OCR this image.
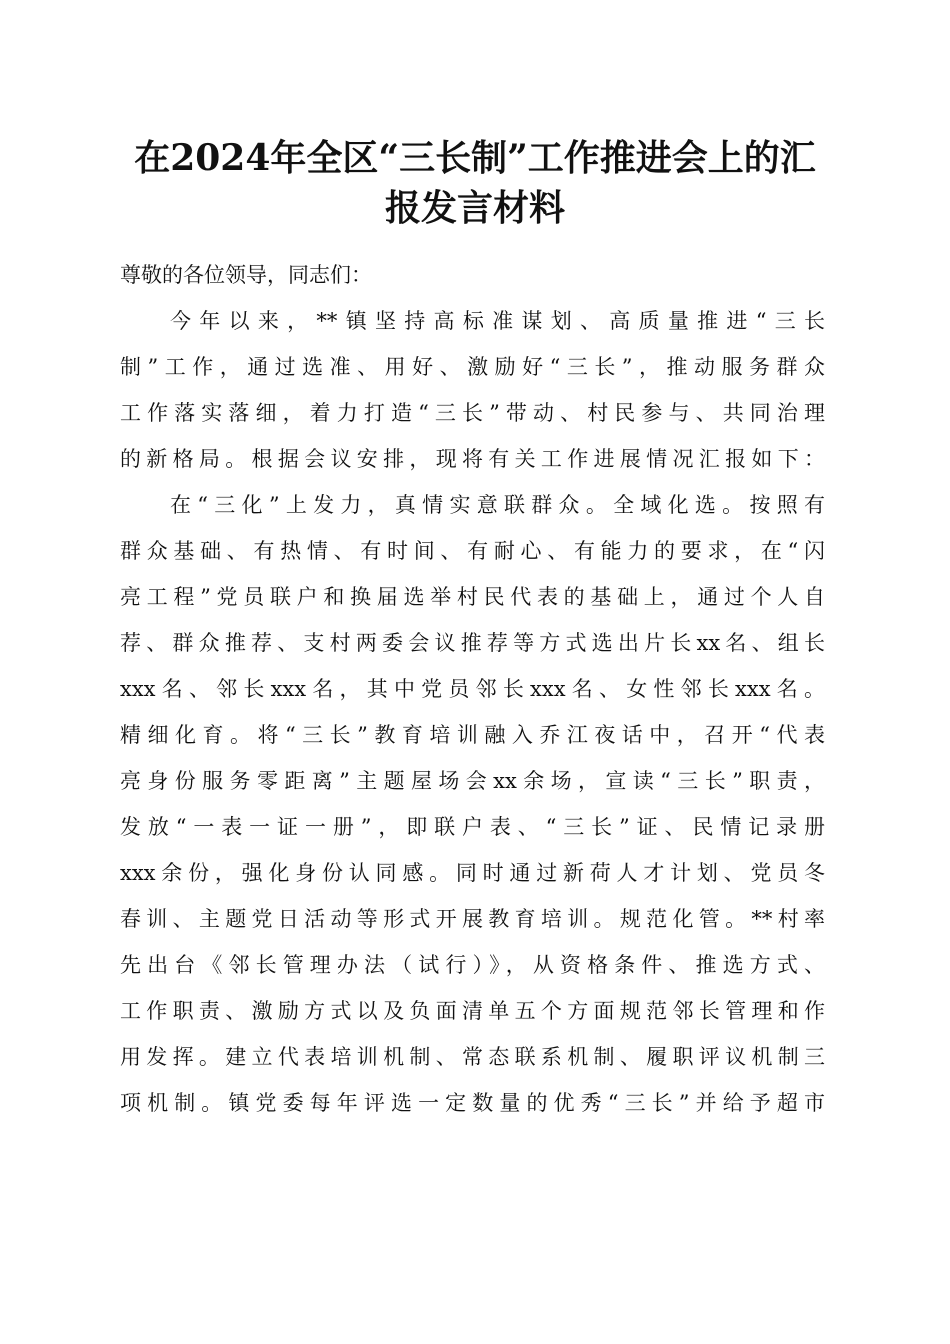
在2024年全区“三长制”工作推进会上的汇
报发言材料
尊敬的各位领导，同志们：
今年以来，**镇坚持高标准谋划、高质量推进“三长
制”工作，通过选准、用好、激励好“三长”，推动服务群众
工作落实落细，着力打造“三长”带动、村民参与、共同治理
的新格局。根据会议安排，现将有关工作进展情况汇报如下：
在“三化”上发力，真情实意联群众。全域化选。按照有
群众基础、有热情、有时间、有耐心、有能力的要求，在“闪
亮工程”党员联户和换届选举村民代表的基础上，通过个人自
荐、群众推荐、支村两委会议推荐等方式选出片长xx名、组长
xxx名、邻长xxx名，其中党员邻长xxx名、女性邻长xxx名。
精细化育。将“三长”教育培训融入乔江夜话中，召开“代表
亮身份服务零距离”主题屋场会xx余场，宣读“三长”职责，
发放“一表一证一册”，即联户表、“三长”证、民情记录册
xxx余份，强化身份认同感。同时通过新荷人才计划、党员冬
春训、主题党日活动等形式开展教育培训。规范化管。**村率
先出台《邻长管理办法（试行）》，从资格条件、推选方式、
工作职责、激励方式以及负面清单五个方面规范邻长管理和作
用发挥。建立代表培训机制、常态联系机制、履职评议机制三
项机制。镇党委每年评选一定数量的优秀“三长”并给予超市
